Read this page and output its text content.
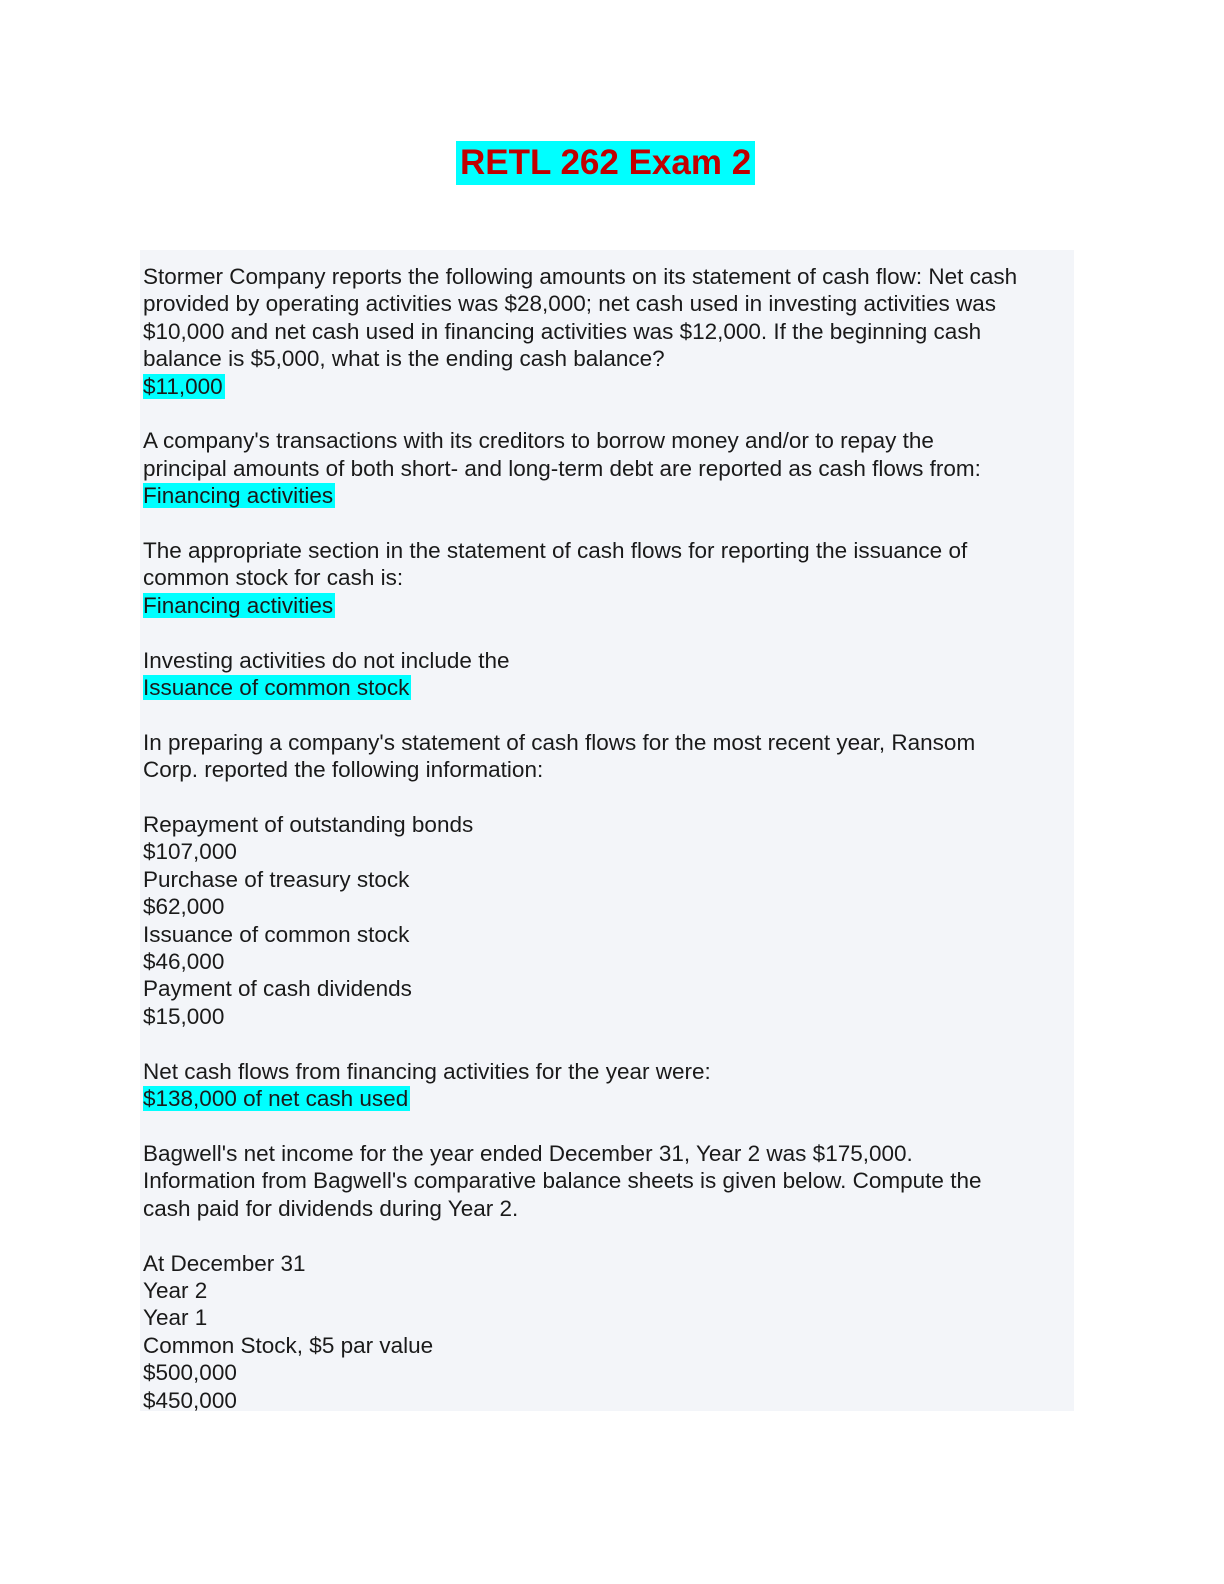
RETL 262 Exam 2
Stormer Company reports the following amounts on its statement of cash flow: Net cash
provided by operating activities was $28,000; net cash used in investing activities was
$10,000 and net cash used in financing activities was $12,000. If the beginning cash
balance is $5,000, what is the ending cash balance?
$11,000
A company's transactions with its creditors to borrow money and/or to repay the
principal amounts of both short- and long-term debt are reported as cash flows from:
Financing activities
The appropriate section in the statement of cash flows for reporting the issuance of
common stock for cash is:
Financing activities
Investing activities do not include the
Issuance of common stock
In preparing a company's statement of cash flows for the most recent year, Ransom
Corp. reported the following information:
Repayment of outstanding bonds
$107,000
Purchase of treasury stock
$62,000
Issuance of common stock
$46,000
Payment of cash dividends
$15,000
Net cash flows from financing activities for the year were:
$138,000 of net cash used
Bagwell's net income for the year ended December 31, Year 2 was $175,000.
Information from Bagwell's comparative balance sheets is given below. Compute the
cash paid for dividends during Year 2.
At December 31
Year 2
Year 1
Common Stock, $5 par value
$500,000
$450,000
